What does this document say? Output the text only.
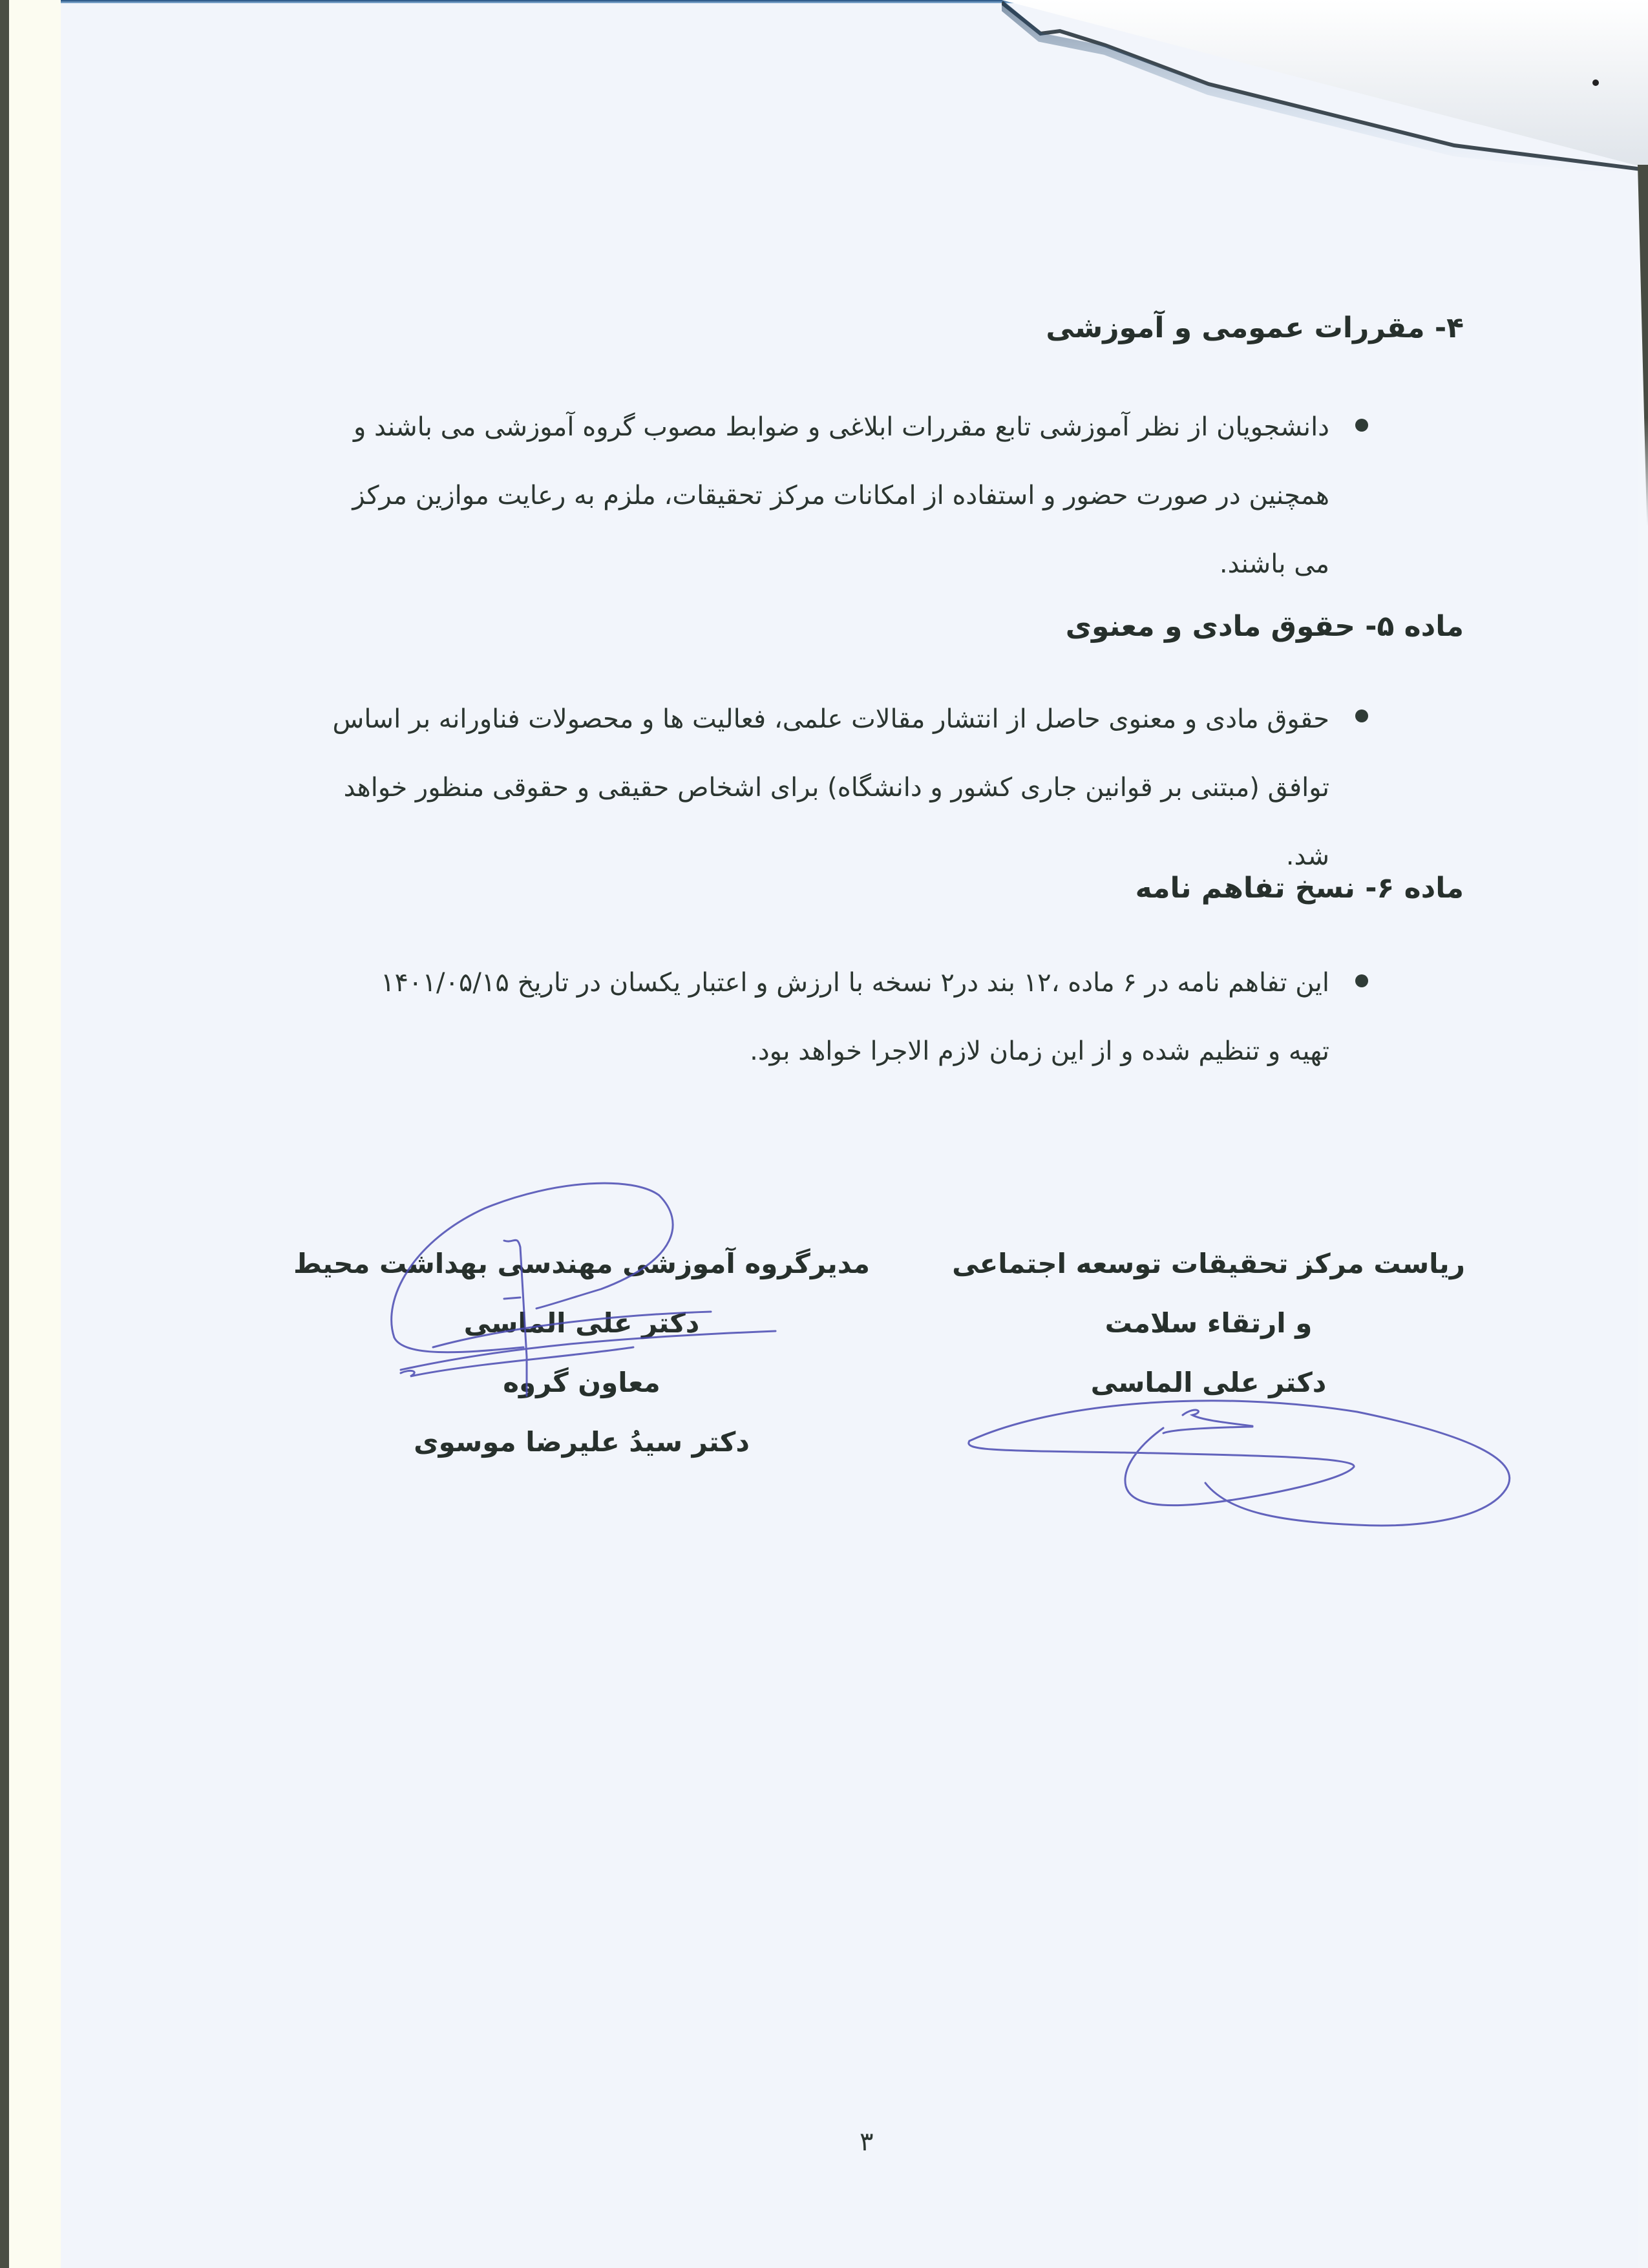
۴- مقررات عمومی و آموزشی
دانشجویان از نظر آموزشی تابع مقررات ابلاغی و ضوابط مصوب گروه آموزشی می باشند و
همچنین در صورت حضور و استفاده از امکانات مرکز تحقیقات، ملزم به رعایت موازین مرکز
می باشند.
ماده ۵- حقوق مادی و معنوی
حقوق مادی و معنوی حاصل از انتشار مقالات علمی، فعالیت ها و محصولات فناورانه بر اساس
توافق (مبتنی بر قوانین جاری کشور و دانشگاه) برای اشخاص حقیقی و حقوقی منظور خواهد
شد.
ماده ۶- نسخ تفاهم نامه
این تفاهم نامه در ۶ ماده ،۱۲ بند در۲ نسخه با ارزش و اعتبار یکسان در تاریخ ۱۴۰۱/۰۵/۱۵
تهیه و تنظیم شده و از این زمان لازم الاجرا خواهد بود.
ریاست مرکز تحقیقات توسعه اجتماعی
و ارتقاء سلامت
دکتر علی الماسی
مدیرگروه آموزشی مهندسی بهداشت محیط
دکتر علی الماسی
معاون گروه
دکتر سیدُ علیرضا موسوی
۳
